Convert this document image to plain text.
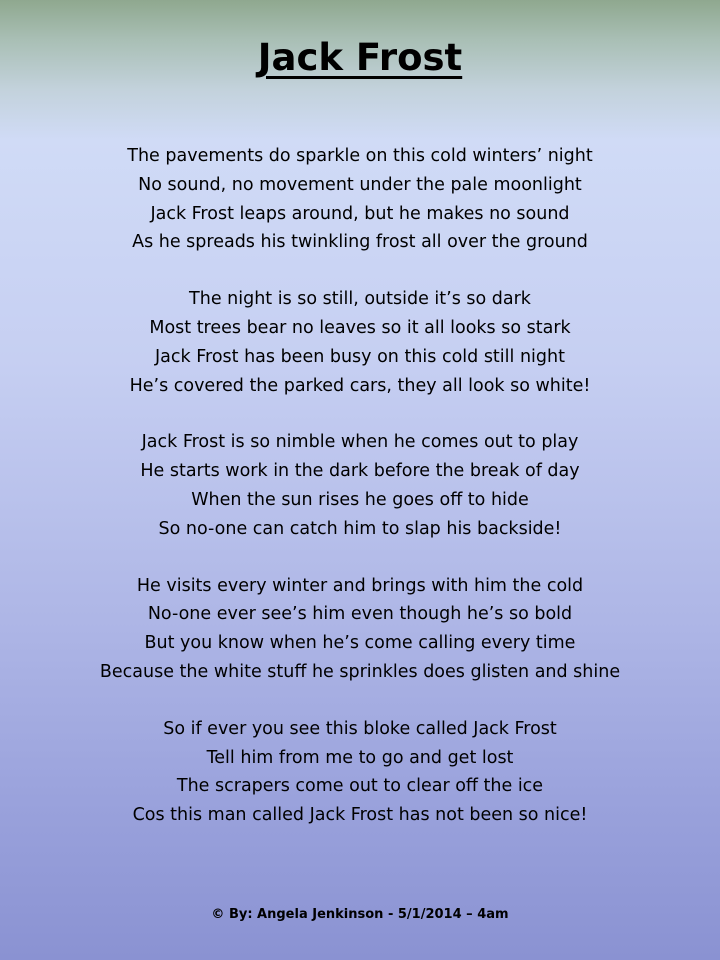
Jack Frost
The pavements do sparkle on this cold winters’ night
No sound, no movement under the pale moonlight
Jack Frost leaps around, but he makes no sound
As he spreads his twinkling frost all over the ground
The night is so still, outside it’s so dark
Most trees bear no leaves so it all looks so stark
Jack Frost has been busy on this cold still night
He’s covered the parked cars, they all look so white!
Jack Frost is so nimble when he comes out to play
He starts work in the dark before the break of day
When the sun rises he goes off to hide
So no-one can catch him to slap his backside!
He visits every winter and brings with him the cold
No-one ever see’s him even though he’s so bold
But you know when he’s come calling every time
Because the white stuff he sprinkles does glisten and shine
So if ever you see this bloke called Jack Frost
Tell him from me to go and get lost
The scrapers come out to clear off the ice
Cos this man called Jack Frost has not been so nice!
© By: Angela Jenkinson - 5/1/2014 – 4am
